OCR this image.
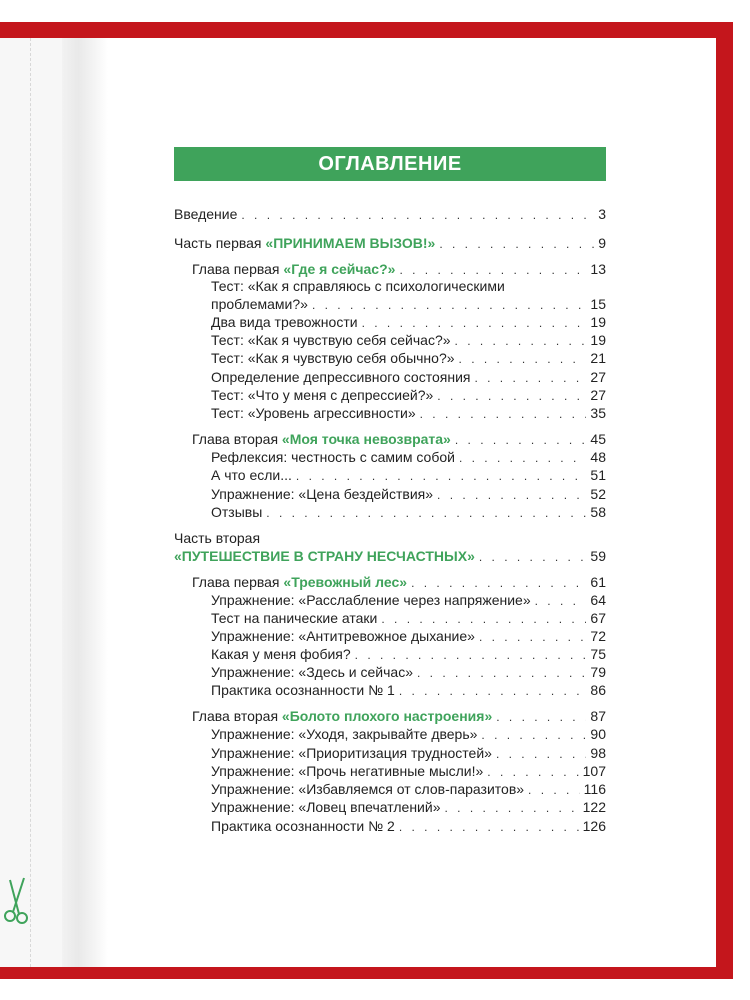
ОГЛАВЛЕНИЕ
Введение . . .	3
Часть первая «ПРИНИМАЕМ ВЫЗОВ!» . . .	9
Глава первая «Где я сейчас?» . . .	13
Тест: «Как я справляюсь с психологическими
проблемами?» . . .	15
Два вида тревожности . . .	19
Тест: «Как я чувствую себя сейчас?» . . .	19
Тест: «Как я чувствую себя обычно?» . . .	21
Определение депрессивного состояния . . .	27
Тест: «Что у меня с депрессией?» . . .	27
Тест: «Уровень агрессивности» . . .	35
Глава вторая «Моя точка невозврата» . . .	45
Рефлексия: честность с самим собой . . .	48
А что если... . . .	51
Упражнение: «Цена бездействия» . . .	52
Отзывы . . .	58
Часть вторая
«ПУТЕШЕСТВИЕ В СТРАНУ НЕСЧАСТНЫХ» . . .	59
Глава первая «Тревожный лес» . . .	61
Упражнение: «Расслабление через напряжение» . . .	64
Тест на панические атаки . . .	67
Упражнение: «Антитревожное дыхание» . . .	72
Какая у меня фобия? . . .	75
Упражнение: «Здесь и сейчас» . . .	79
Практика осознанности № 1 . . .	86
Глава вторая «Болото плохого настроения» . . .	87
Упражнение: «Уходя, закрывайте дверь» . . .	90
Упражнение: «Приоритизация трудностей» . . .	98
Упражнение: «Прочь негативные мысли!» . . .	107
Упражнение: «Избавляемся от слов-паразитов» . . .	116
Упражнение: «Ловец впечатлений» . . .	122
Практика осознанности № 2 . . .	126
